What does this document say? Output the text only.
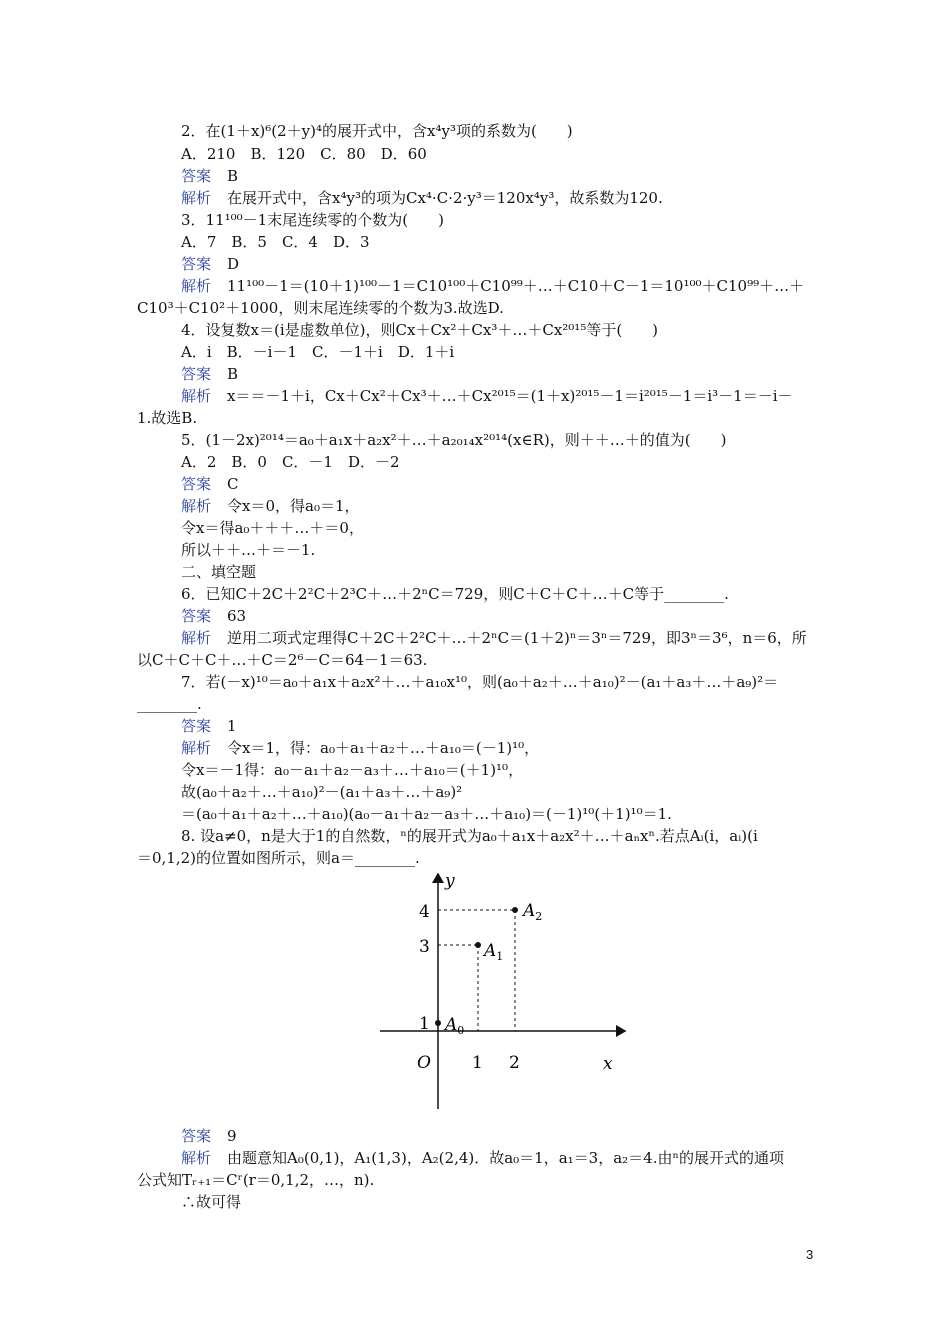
2．在(1＋x)⁶(2＋y)⁴的展开式中，含x⁴y³项的系数为(　　)
A．210　B．120　C．80　D．60
答案 B
解析 在展开式中，含x⁴y³的项为Cx⁴·C·2·y³＝120x⁴y³，故系数为120.
3．11¹⁰⁰－1末尾连续零的个数为(　　)
A．7　B．5　C．4　D．3
答案 D
解析 11¹⁰⁰－1＝(10＋1)¹⁰⁰－1＝C10¹⁰⁰＋C10⁹⁹＋…＋C10＋C－1＝10¹⁰⁰＋C10⁹⁹＋…＋
C10³＋C10²＋1000，则末尾连续零的个数为3.故选D.
4．设复数x＝(i是虚数单位)，则Cx＋Cx²＋Cx³＋…＋Cx²⁰¹⁵等于(　　)
A．i　B．－i－1　C．－1＋i　D．1＋i
答案 B
解析 x＝＝－1＋i，Cx＋Cx²＋Cx³＋…＋Cx²⁰¹⁵＝(1＋x)²⁰¹⁵－1＝i²⁰¹⁵－1＝i³－1＝－i－
1.故选B.
5．(1－2x)²⁰¹⁴＝a₀＋a₁x＋a₂x²＋…＋a₂₀₁₄x²⁰¹⁴(x∈R)，则＋＋…＋的值为(　　)
A．2　B．0　C．－1　D．－2
答案 C
解析 令x＝0，得a₀＝1，
令x＝得a₀＋＋＋…＋＝0，
所以＋＋…＋＝－1.
二、填空题
6．已知C＋2C＋2²C＋2³C＋…＋2ⁿC＝729，则C＋C＋C＋…＋C等于________.
答案 63
解析 逆用二项式定理得C＋2C＋2²C＋…＋2ⁿC＝(1＋2)ⁿ＝3ⁿ＝729，即3ⁿ＝3⁶，n＝6，所
以C＋C＋C＋…＋C＝2⁶－C＝64－1＝63.
7．若(－x)¹⁰＝a₀＋a₁x＋a₂x²＋…＋a₁₀x¹⁰，则(a₀＋a₂＋…＋a₁₀)²－(a₁＋a₃＋…＋a₉)²＝
________.
答案 1
解析 令x＝1，得：a₀＋a₁＋a₂＋…＋a₁₀＝(－1)¹⁰，
令x＝－1得：a₀－a₁＋a₂－a₃＋…＋a₁₀＝(＋1)¹⁰，
故(a₀＋a₂＋…＋a₁₀)²－(a₁＋a₃＋…＋a₉)²
＝(a₀＋a₁＋a₂＋…＋a₁₀)(a₀－a₁＋a₂－a₃＋…＋a₁₀)＝(－1)¹⁰(＋1)¹⁰＝1.
8. 设a≠0，n是大于1的自然数，ⁿ的展开式为a₀＋a₁x＋a₂x²＋…＋aₙxⁿ.若点Aᵢ(i，aᵢ)(i
＝0,1,2)的位置如图所示，则a＝________.
y
x
O 1 2
1
3
4
$A_0$
$A_1$
$A_2$
答案 9
解析 由题意知A₀(0,1)，A₁(1,3)，A₂(2,4)．故a₀＝1，a₁＝3，a₂＝4.由ⁿ的展开式的通项
公式知Tᵣ₊₁＝Cʳ(r＝0,1,2，…，n).
∴故可得
3
